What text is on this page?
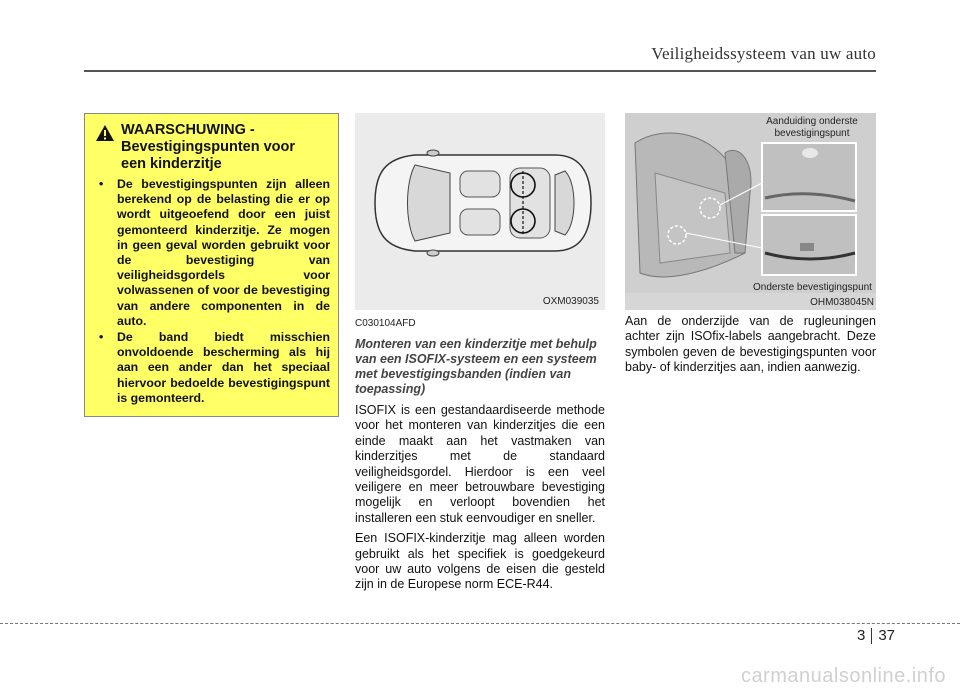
Veiligheidssysteem van uw auto
WAARSCHUWING -
Bevestigingspunten voor
een kinderzitje
• De bevestigingspunten zijn alleen berekend op de belasting die er op wordt uitgeoefend door een juist gemonteerd kinderzitje. Ze mogen in geen geval worden gebruikt voor de bevestiging van veiligheidsgordels voor volwassenen of voor de bevestiging van andere componenten in de auto.
• De band biedt misschien onvoldoende bescherming als hij aan een ander dan het speciaal hiervoor bedoelde bevestigingspunt is gemonteerd.
OXM039035
Aanduiding onderste
bevestigingspunt
Onderste bevestigingspunt
OHM038045N
C030104AFD
Monteren van een kinderzitje met behulp van een ISOFIX-systeem en een systeem met bevestigingsbanden (indien van toepassing)

ISOFIX is een gestandaardiseerde methode voor het monteren van kinderzitjes die een einde maakt aan het vastmaken van kinderzitjes met de standaard veiligheidsgordel. Hierdoor is een veel veiligere en meer betrouwbare bevestiging mogelijk en verloopt bovendien het installeren een stuk eenvoudiger en sneller.

Een ISOFIX-kinderzitje mag alleen worden gebruikt als het specifiek is goedgekeurd voor uw auto volgens de eisen die gesteld zijn in de Europese norm ECE-R44.

Aan de onderzijde van de rugleuningen achter zijn ISOfix-labels aangebracht. Deze symbolen geven de bevestigingspunten voor baby- of kinderzitjes aan, indien aanwezig.

3 37
carmanualsonline.info
